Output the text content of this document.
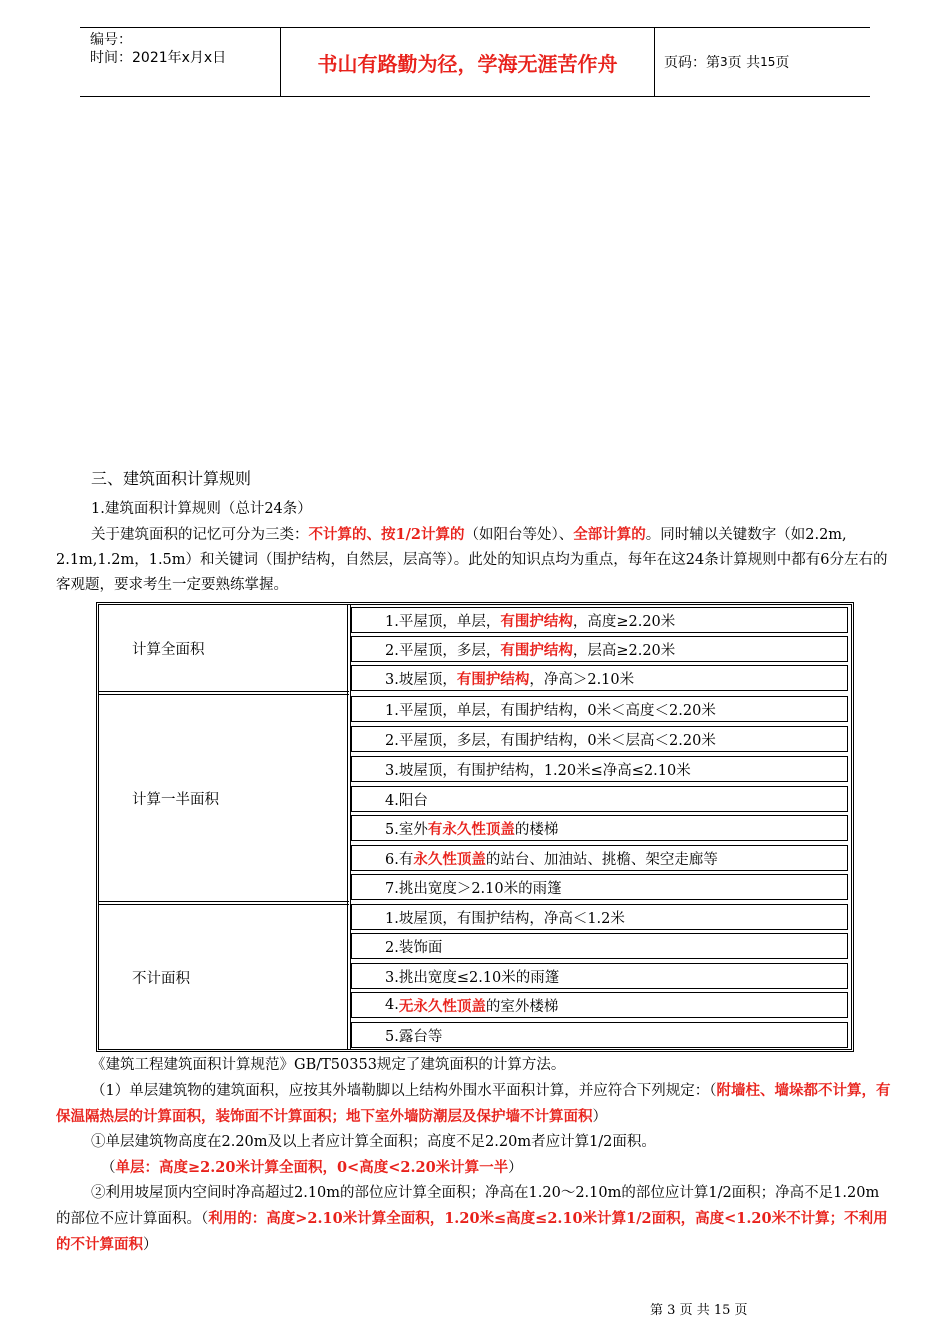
编号：
时间：2021年x月x日	书山有路勤为径，学海无涯苦作舟	页码：第 3 页 共 15 页
三、建筑面积计算规则

1.建筑面积计算规则（总计24条）

关于建筑面积的记忆可分为三类：不计算的、按1/2计算的（如阳台等处）、全部计算的。同时辅以关键数字（如2.2m, 2.1m,1.2m，1.5m）和关键词（围护结构，自然层，层高等）。此处的知识点均为重点，每年在这24条计算规则中都有6分左右的客观题，要求考生一定要熟练掌握。

计算全面积
计算一半面积
不计面积
1.平屋顶，单层， 有围护结构 ，高度≥2.20米
2.平屋顶，多层， 有围护结构 ，层高≥2.20米
3.坡屋顶， 有围护结构 ，净高＞2.10米
1.平屋顶，单层，有围护结构，0米＜高度＜2.20米
2.平屋顶，多层，有围护结构，0米＜层高＜2.20米
3.坡屋顶，有围护结构，1.20米≤净高≤2.10米
4.阳台
5.室外 有永久性顶盖 的楼梯
6.有 永久性顶盖 的站台、加油站、挑檐、架空走廊等
7.挑出宽度＞2.10米的雨篷
1.坡屋顶，有围护结构，净高＜1.2米
2.装饰面
3.挑出宽度≤2.10米的雨篷
4. 无永久性顶盖 的室外楼梯
5.露台等

《建筑工程建筑面积计算规范》GB/T50353规定了建筑面积的计算方法。

（1）单层建筑物的建筑面积，应按其外墙勒脚以上结构外围水平面积计算，并应符合下列规定：（附墙柱、墙垛都不计算，有保温隔热层的计算面积，装饰面不计算面积；地下室外墙防潮层及保护墙不计算面积）

①单层建筑物高度在2.20m及以上者应计算全面积；高度不足2.20m者应计算1/2面积。

（单层：高度≥2.20米计算全面积，0<高度<2.20米计算一半）

②利用坡屋顶内空间时净高超过2.10m的部位应计算全面积；净高在1.20～2.10m的部位应计算1/2面积；净高不足1.20m的部位不应计算面积。（利用的：高度>2.10米计算全面积，1.20米≤高度≤2.10米计算1/2面积，高度<1.20米不计算；不利用的不计算面积）

第 3 页 共 15 页
